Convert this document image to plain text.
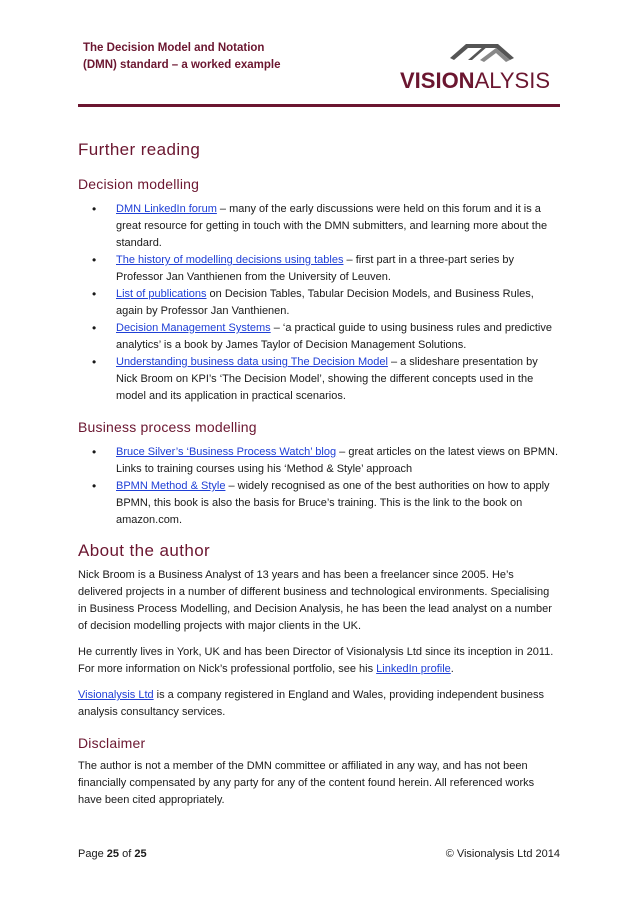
The Decision Model and Notation
(DMN) standard – a worked example
VISIONALYSIS
Further reading
Decision modelling
• DMN LinkedIn forum – many of the early discussions were held on this forum and it is a great resource for getting in touch with the DMN submitters, and learning more about the standard.
• The history of modelling decisions using tables – first part in a three-part series by Professor Jan Vanthienen from the University of Leuven.
• List of publications on Decision Tables, Tabular Decision Models, and Business Rules, again by Professor Jan Vanthienen.
• Decision Management Systems – ‘a practical guide to using business rules and predictive analytics’ is a book by James Taylor of Decision Management Solutions.
• Understanding business data using The Decision Model – a slideshare presentation by Nick Broom on KPI’s ‘The Decision Model’, showing the different concepts used in the model and its application in practical scenarios.
Business process modelling
• Bruce Silver’s ‘Business Process Watch’ blog – great articles on the latest views on BPMN. Links to training courses using his ‘Method & Style’ approach
• BPMN Method & Style – widely recognised as one of the best authorities on how to apply BPMN, this book is also the basis for Bruce’s training. This is the link to the book on amazon.com.
About the author

Nick Broom is a Business Analyst of 13 years and has been a freelancer since 2005. He’s delivered projects in a number of different business and technological environments. Specialising in Business Process Modelling, and Decision Analysis, he has been the lead analyst on a number of decision modelling projects with major clients in the UK.

He currently lives in York, UK and has been Director of Visionalysis Ltd since its inception in 2011. For more information on Nick’s professional portfolio, see his LinkedIn profile.

Visionalysis Ltd is a company registered in England and Wales, providing independent business analysis consultancy services.

Disclaimer

The author is not a member of the DMN committee or affiliated in any way, and has not been financially compensated by any party for any of the content found herein. All referenced works have been cited appropriately.

Page 25 of 25	© Visionalysis Ltd 2014
